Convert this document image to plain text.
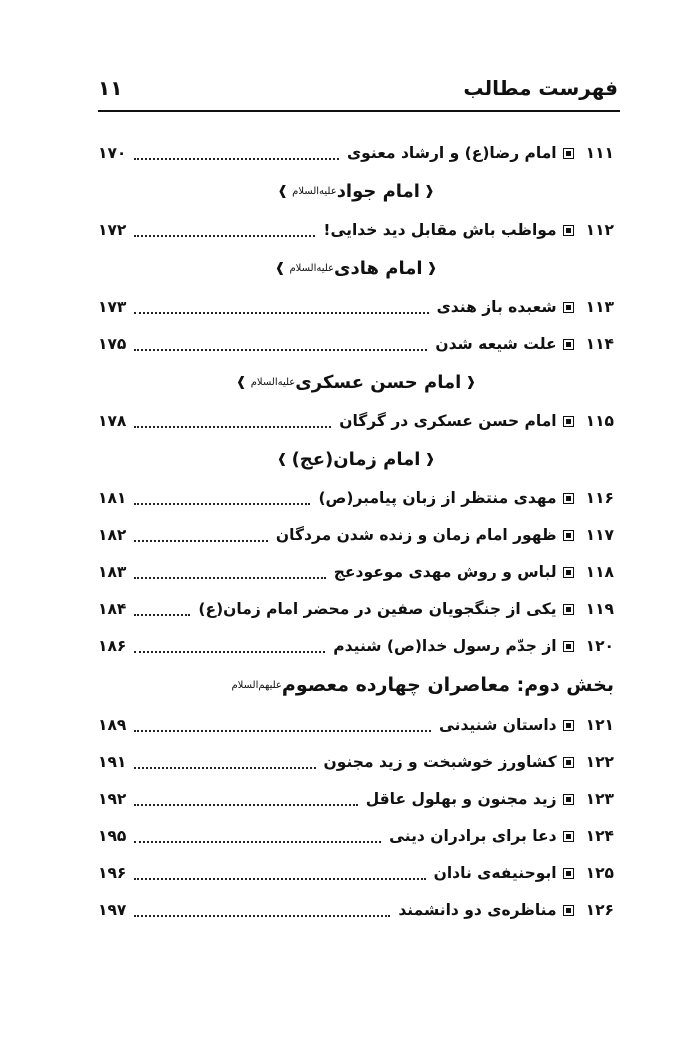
فهرست مطالب
۱۱
۱۱۱
امام رضا(ع) و ارشاد معنوی
۱۷۰
❰
امام جواد
علیه‌السلام
❱
۱۱۲
مواظب باش مقابل دید خدایی!
۱۷۲
❰
امام هادی
علیه‌السلام
❱
۱۱۳
شعبده باز هندی
۱۷۳
۱۱۴
علت شیعه شدن
۱۷۵
❰
امام حسن عسکری
علیه‌السلام
❱
۱۱۵
امام حسن عسکری در گرگان
۱۷۸
❰
امام زمان(عج)
❱
۱۱۶
مهدی منتظر از زبان پیامبر(ص)
۱۸۱
۱۱۷
ظهور امام زمان و زنده شدن مردگان
۱۸۲
۱۱۸
لباس و روش مهدی موعودعج
۱۸۳
۱۱۹
یکی از جنگجویان صفین در محضر امام زمان(ع)
۱۸۴
۱۲۰
از جدّم رسول خدا(ص) شنیدم
۱۸۶
بخش دوم: معاصران چهارده معصوم
علیهم‌السلام
۱۲۱
داستان شنیدنی
۱۸۹
۱۲۲
کشاورز خوشبخت و زید مجنون
۱۹۱
۱۲۳
زید مجنون و بهلول عاقل
۱۹۲
۱۲۴
دعا برای برادران دینی
۱۹۵
۱۲۵
ابوحنیفه‌ی نادان
۱۹۶
۱۲۶
مناظره‌ی دو دانشمند
۱۹۷
